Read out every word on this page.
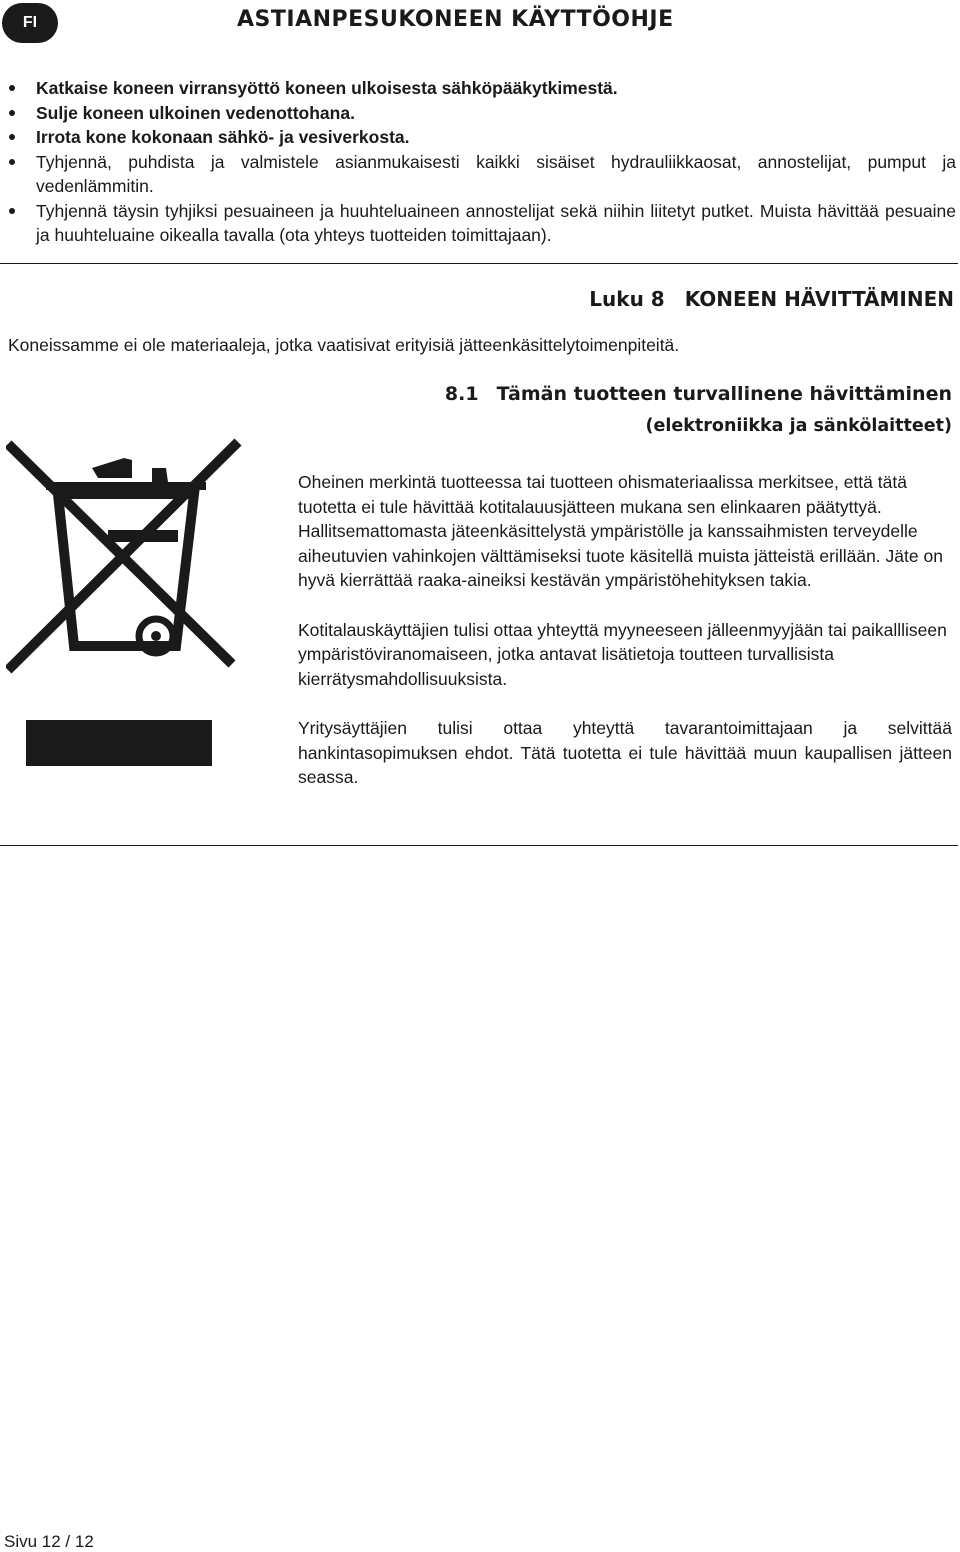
FI	ASTIANPESUKONEEN KÄYTTÖOHJE
Katkaise koneen virransyöttö koneen ulkoisesta sähköpääkytkimestä.
Sulje koneen ulkoinen vedenottohana.
Irrota kone kokonaan sähkö- ja vesiverkosta.
Tyhjennä, puhdista ja valmistele asianmukaisesti kaikki sisäiset hydrauliikkaosat, annostelijat, pumput ja vedenlämmitin.
Tyhjennä täysin tyhjiksi pesuaineen ja huuhteluaineen annostelijat sekä niihin liitetyt putket. Muista hävittää pesuaine ja huuhteluaine oikealla tavalla (ota yhteys tuotteiden toimittajaan).
Luku 8 KONEEN HÄVITTÄMINEN
Koneissamme ei ole materiaaleja, jotka vaatisivat erityisiä jätteenkäsittelytoimenpiteitä.
8.1 Tämän tuotteen turvallinene hävittäminen
(elektroniikka ja sänkölaitteet)

Oheinen merkintä tuotteessa tai tuotteen ohismateriaalissa merkitsee, että tätä tuotetta ei tule hävittää kotitalauusjätteen mukana sen elinkaaren päätyttyä. Hallitsemattomasta jäteenkäsittelystä ympäristölle ja kanssaihmisten terveydelle aiheutuvien vahinkojen välttämiseksi tuote käsitellä muista jätteistä erillään. Jäte on hyvä kierrättää raaka-aineiksi kestävän ympäristöhehityksen takia.

Kotitalauskäyttäjien tulisi ottaa yhteyttä myyneeseen jälleenmyyjään tai paikallliseen ympäristöviranomaiseen, jotka antavat lisätietoja toutteen turvallisista kierrätysmahdollisuuksista.

Yritysäyttäjien tulisi ottaa yhteyttä tavarantoimittajaan ja selvittää hankintasopimuksen ehdot. Tätä tuotetta ei tule hävittää muun kaupallisen jätteen seassa.

Sivu 12 / 12
